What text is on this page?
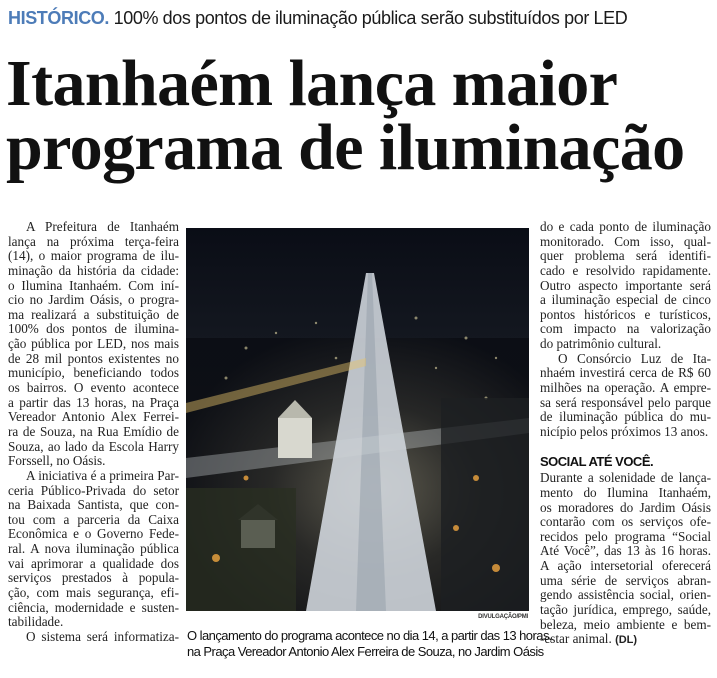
HISTÓRICO. 100% dos pontos de iluminação pública serão substituídos por LED
Itanhaém lança maior
programa de iluminação
A Prefeitura de Itanhaém
lança na próxima terça-feira
(14), o maior programa de ilu-
minação da história da cidade:
o Ilumina Itanhaém. Com iní-
cio no Jardim Oásis, o progra-
ma realizará a substituição de
100% dos pontos de ilumina-
ção pública por LED, nos mais
de 28 mil pontos existentes no
município, beneficiando todos
os bairros. O evento acontece
a partir das 13 horas, na Praça
Vereador Antonio Alex Ferrei-
ra de Souza, na Rua Emídio de
Souza, ao lado da Escola Harry
Forssell, no Oásis.
A iniciativa é a primeira Par-
ceria Público-Privada do setor
na Baixada Santista, que con-
tou com a parceria da Caixa
Econômica e o Governo Fede-
ral. A nova iluminação pública
vai aprimorar a qualidade dos
serviços prestados à popula-
ção, com mais segurança, efi-
ciência, modernidade e susten-
tabilidade.
O sistema será informatiza-
do e cada ponto de iluminação
monitorado. Com isso, qual-
quer problema será identifi-
cado e resolvido rapidamente.
Outro aspecto importante será
a iluminação especial de cinco
pontos históricos e turísticos,
com impacto na valorização
do patrimônio cultural.
O Consórcio Luz de Ita-
nhaém investirá cerca de R$ 60
milhões na operação. A empre-
sa será responsável pelo parque
de iluminação pública do mu-
nicípio pelos próximos 13 anos.
SOCIAL ATÉ VOCÊ.
Durante a solenidade de lança-
mento do Ilumina Itanhaém,
os moradores do Jardim Oásis
contarão com os serviços ofe-
recidos pelo programa “Social
Até Você”, das 13 às 16 horas.
A ação intersetorial oferecerá
uma série de serviços abran-
gendo assistência social, orien-
tação jurídica, emprego, saúde,
beleza, meio ambiente e bem-
-estar animal. (DL)
DIVULGAÇÃO/PMI
O lançamento do programa acontece no dia 14, a partir das 13 horas,
na Praça Vereador Antonio Alex Ferreira de Souza, no Jardim Oásis
